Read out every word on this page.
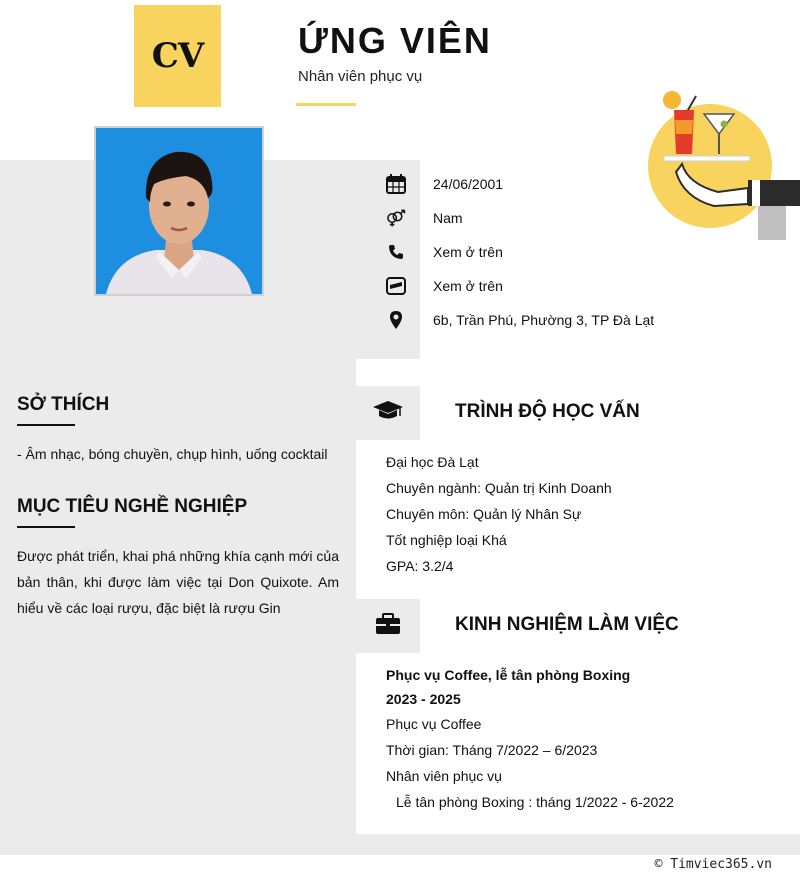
CV	ỨNG VIÊN
Nhân viên phục vụ
24/06/2001
Nam
Xem ở trên
Xem ở trên
6b, Trần Phú, Phường 3, TP Đà Lạt
SỞ THÍCH
- Âm nhạc, bóng chuyền, chụp hình, uống cocktail
MỤC TIÊU NGHỀ NGHIỆP
Được phát triển, khai phá những khía cạnh mới của bản thân, khi được làm việc tại Don Quixote. Am hiểu về các loại rượu, đặc biệt là rượu Gin
TRÌNH ĐỘ HỌC VẤN
Đại học Đà Lạt
Chuyên ngành: Quản trị Kinh Doanh
Chuyên môn: Quản lý Nhân Sự
Tốt nghiệp loại Khá
GPA: 3.2/4
KINH NGHIỆM LÀM VIỆC
Phục vụ Coffee, lễ tân phòng Boxing
2023 - 2025
Phục vụ Coffee
Thời gian: Tháng 7/2022 – 6/2023
Nhân viên phục vụ
Lễ tân phòng Boxing : tháng 1/2022 - 6-2022
© Timviec365.vn
